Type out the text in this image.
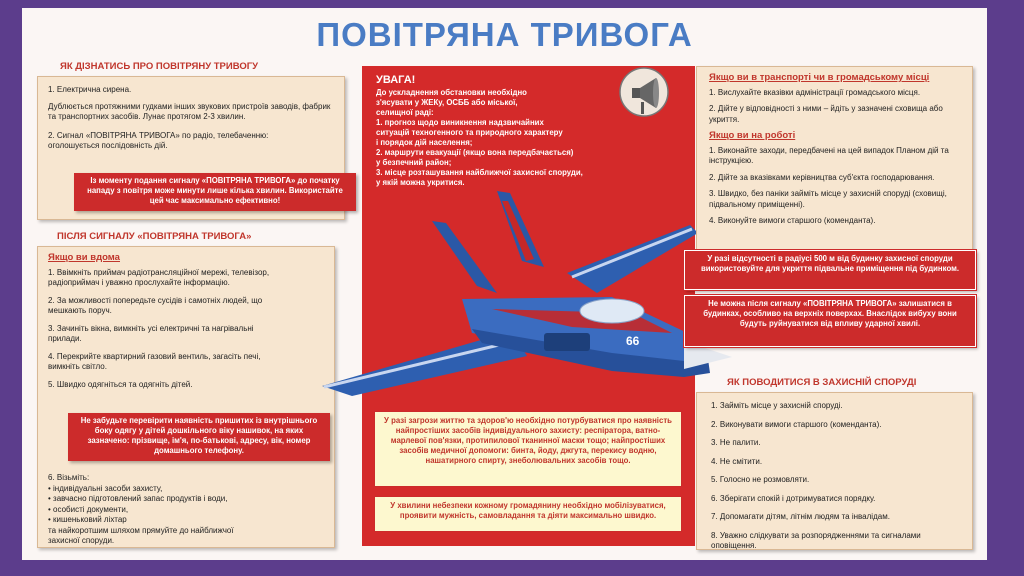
ПОВІТРЯНА ТРИВОГА
ЯК ДІЗНАТИСЬ ПРО ПОВІТРЯНУ ТРИВОГУ

1. Електрична сирена.

Дублюється протяжними гудками інших звукових пристроїв заводів, фабрик та транспортних засобів. Лунає протягом 2-3 хвилин.

2. Сигнал «ПОВІТРЯНА ТРИВОГА» по радіо, телебаченню: оголошується послідовність дій.

Із моменту подання сигналу «ПОВІТРЯНА ТРИВОГА» до початку нападу з повітря може минути лише кілька хвилин. Використайте цей час максимально ефективно!
ПІСЛЯ СИГНАЛУ «ПОВІТРЯНА ТРИВОГА»
Якщо ви вдома

1. Ввімкніть приймач радіотрансляційної мережі, телевізор, радіоприймач і уважно прослухайте інформацію.

2. За можливості попередьте сусідів і самотніх людей, що мешкають поруч.

3. Зачиніть вікна, вимкніть усі електричні та нагрівальні прилади.

4. Перекрийте квартирний газовий вентиль, загасіть печі, вимкніть світло.

5. Швидко одягніться та одягніть дітей.

Не забудьте перевірити наявність пришитих із внутрішнього боку одягу у дітей дошкільного віку нашивок, на яких зазначено: прізвище, ім'я, по-батькові, адресу, вік, номер домашнього телефону.
6. Візьміть:
• індивідуальні засоби захисту,
• завчасно підготовлений запас продуктів і води,
• особисті документи,
• кишеньковий ліхтар
та найкоротшим шляхом прямуйте до найближчої захисної споруди.
УВАГА!

До ускладнення обстановки необхідно

з'ясувати у ЖЕКу, ОСББ або міської,

селищної раді:

1. прогноз щодо виникнення надзвичайних

ситуацій техногенного та природного характеру

і порядок дій населення;

2. маршрути евакуації (якщо вона передбачається)

у безпечний район;

3. місце розташування найближчої захисної споруди,

у якій можна укритися.

66
У разі загрози життю та здоров'ю необхідно потурбуватися про наявність найпростіших засобів індивідуального захисту: респіратора, ватно-марлевої пов'язки, протипилової тканинної маски тощо; найпростіших засобів медичної допомоги: бинта, йоду, джгута, перекису водню, нашатирного спирту, знеболювальних засобів тощо.
У хвилини небезпеки кожному громадянину необхідно мобілізуватися, проявити мужність, самовладання та діяти максимально швидко.
Якщо ви в транспорті чи в громадському місці

1. Вислухайте вказівки адміністрації громадського місця.

2. Дійте у відповідності з ними – йдіть у зазначені сховища або укриття.

Якщо ви на роботі

1. Виконайте заходи, передбачені на цей випадок Планом дій та інструкцією.

2. Дійте за вказівками керівництва суб'єкта господарювання.

3. Швидко, без паніки займіть місце у захисній споруді (сховищі, підвальному приміщенні).

4. Виконуйте вимоги старшого (коменданта).

У разі відсутності в радіусі 500 м від будинку захисної споруди використовуйте для укриття підвальне приміщення під будинком.
Не можна після сигналу «ПОВІТРЯНА ТРИВОГА» залишатися в будинках, особливо на верхніх поверхах. Внаслідок вибуху вони будуть руйнуватися від впливу ударної хвилі.
ЯК ПОВОДИТИСЯ В ЗАХИСНІЙ СПОРУДІ

1. Займіть місце у захисній споруді.

2. Виконувати вимоги старшого (коменданта).

3. Не палити.

4. Не смітити.

5. Голосно не розмовляти.

6. Зберігати спокій і дотримуватися порядку.

7. Допомагати дітям, літнім людям та інвалідам.

8. Уважно слідкувати за розпорядженнями та сигналами оповіщення.
